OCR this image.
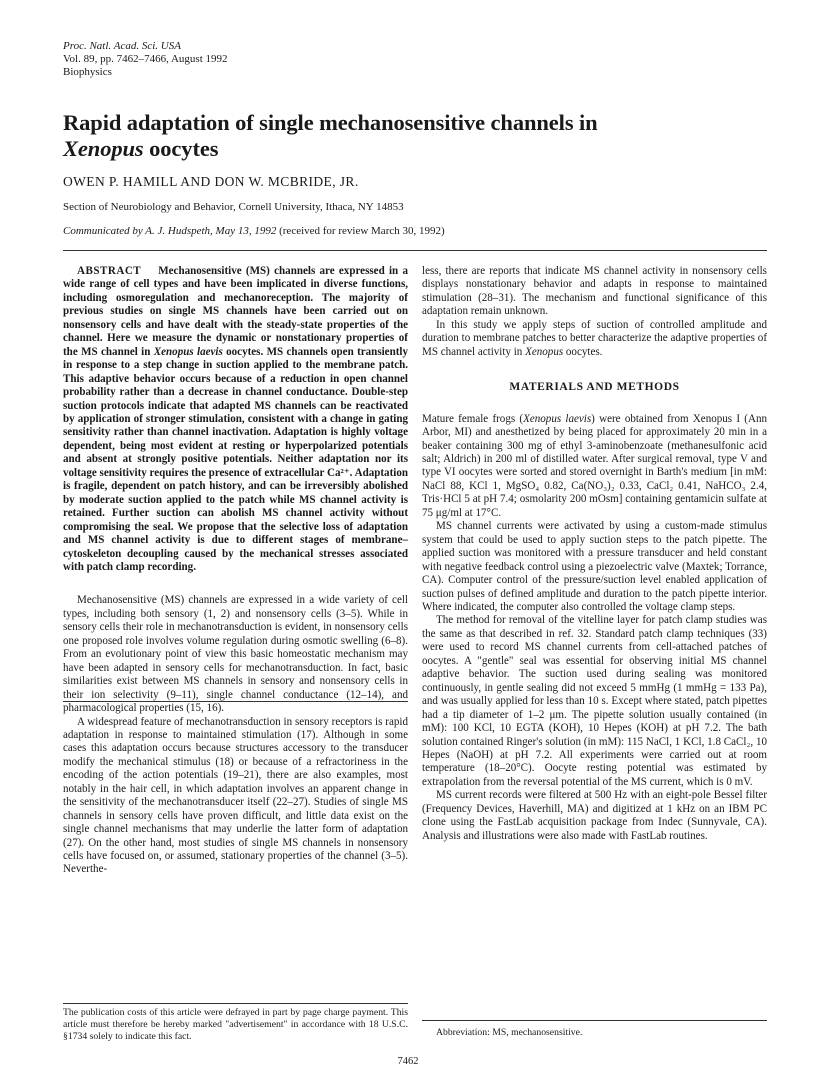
Proc. Natl. Acad. Sci. USA
Vol. 89, pp. 7462–7466, August 1992
Biophysics
Rapid adaptation of single mechanosensitive channels in
Xenopus oocytes
OWEN P. HAMILL AND DON W. MCBRIDE, JR.
Section of Neurobiology and Behavior, Cornell University, Ithaca, NY 14853
Communicated by A. J. Hudspeth, May 13, 1992 (received for review March 30, 1992)

ABSTRACT Mechanosensitive (MS) channels are expressed in a wide range of cell types and have been implicated in diverse functions, including osmoregulation and mechanoreception. The majority of previous studies on single MS channels have been carried out on nonsensory cells and have dealt with the steady-state properties of the channel. Here we measure the dynamic or nonstationary properties of the MS channel in Xenopus laevis oocytes. MS channels open transiently in response to a step change in suction applied to the membrane patch. This adaptive behavior occurs because of a reduction in open channel probability rather than a decrease in channel conductance. Double-step suction protocols indicate that adapted MS channels can be reactivated by application of stronger stimulation, consistent with a change in gating sensitivity rather than channel inactivation. Adaptation is highly voltage dependent, being most evident at resting or hyperpolarized potentials and absent at strongly positive potentials. Neither adaptation nor its voltage sensitivity requires the presence of extracellular Ca²⁺. Adaptation is fragile, dependent on patch history, and can be irreversibly abolished by moderate suction applied to the patch while MS channel activity is retained. Further suction can abolish MS channel activity without compromising the seal. We propose that the selective loss of adaptation and MS channel activity is due to different stages of membrane–cytoskeleton decoupling caused by the mechanical stresses associated with patch clamp recording.

Mechanosensitive (MS) channels are expressed in a wide variety of cell types, including both sensory (1, 2) and nonsensory cells (3–5). While in sensory cells their role in mechanotransduction is evident, in nonsensory cells one proposed role involves volume regulation during osmotic swelling (6–8). From an evolutionary point of view this basic homeostatic mechanism may have been adapted in sensory cells for mechanotransduction. In fact, basic similarities exist between MS channels in sensory and nonsensory cells in their ion selectivity (9–11), single channel conductance (12–14), and pharmacological properties (15, 16).

A widespread feature of mechanotransduction in sensory receptors is rapid adaptation in response to maintained stimulation (17). Although in some cases this adaptation occurs because structures accessory to the transducer modify the mechanical stimulus (18) or because of a refractoriness in the encoding of the action potentials (19–21), there are also examples, most notably in the hair cell, in which adaptation involves an apparent change in the sensitivity of the mechanotransducer itself (22–27). Studies of single MS channels in sensory cells have proven difficult, and little data exist on the single channel mechanisms that may underlie the latter form of adaptation (27). On the other hand, most studies of single MS channels in nonsensory cells have focused on, or assumed, stationary properties of the channel (3–5). Neverthe-

The publication costs of this article were defrayed in part by page charge payment. This article must therefore be hereby marked "advertisement" in accordance with 18 U.S.C. §1734 solely to indicate this fact.

less, there are reports that indicate MS channel activity in nonsensory cells displays nonstationary behavior and adapts in response to maintained stimulation (28–31). The mechanism and functional significance of this adaptation remain unknown.

In this study we apply steps of suction of controlled amplitude and duration to membrane patches to better characterize the adaptive properties of MS channel activity in Xenopus oocytes.

MATERIALS AND METHODS

Mature female frogs (Xenopus laevis) were obtained from Xenopus I (Ann Arbor, MI) and anesthetized by being placed for approximately 20 min in a beaker containing 300 mg of ethyl 3-aminobenzoate (methanesulfonic acid salt; Aldrich) in 200 ml of distilled water. After surgical removal, type V and type VI oocytes were sorted and stored overnight in Barth's medium [in mM: NaCl 88, KCl 1, MgSO₄ 0.82, Ca(NO₃)₂ 0.33, CaCl₂ 0.41, NaHCO₃ 2.4, Tris·HCl 5 at pH 7.4; osmolarity 200 mOsm] containing gentamicin sulfate at 75 μg/ml at 17°C.

MS channel currents were activated by using a custom-made stimulus system that could be used to apply suction steps to the patch pipette. The applied suction was monitored with a pressure transducer and held constant with negative feedback control using a piezoelectric valve (Maxtek; Torrance, CA). Computer control of the pressure/suction level enabled application of suction pulses of defined amplitude and duration to the patch pipette interior. Where indicated, the computer also controlled the voltage clamp steps.

The method for removal of the vitelline layer for patch clamp studies was the same as that described in ref. 32. Standard patch clamp techniques (33) were used to record MS channel currents from cell-attached patches of oocytes. A "gentle" seal was essential for observing initial MS channel adaptive behavior. The suction used during sealing was monitored continuously, in gentle sealing did not exceed 5 mmHg (1 mmHg = 133 Pa), and was usually applied for less than 10 s. Except where stated, patch pipettes had a tip diameter of 1–2 μm. The pipette solution usually contained (in mM): 100 KCl, 10 EGTA (KOH), 10 Hepes (KOH) at pH 7.2. The bath solution contained Ringer's solution (in mM): 115 NaCl, 1 KCl, 1.8 CaCl₂, 10 Hepes (NaOH) at pH 7.2. All experiments were carried out at room temperature (18–20°C). Oocyte resting potential was estimated by extrapolation from the reversal potential of the MS current, which is 0 mV.

MS current records were filtered at 500 Hz with an eight-pole Bessel filter (Frequency Devices, Haverhill, MA) and digitized at 1 kHz on an IBM PC clone using the FastLab acquisition package from Indec (Sunnyvale, CA). Analysis and illustrations were also made with FastLab routines.

Abbreviation: MS, mechanosensitive.
7462
